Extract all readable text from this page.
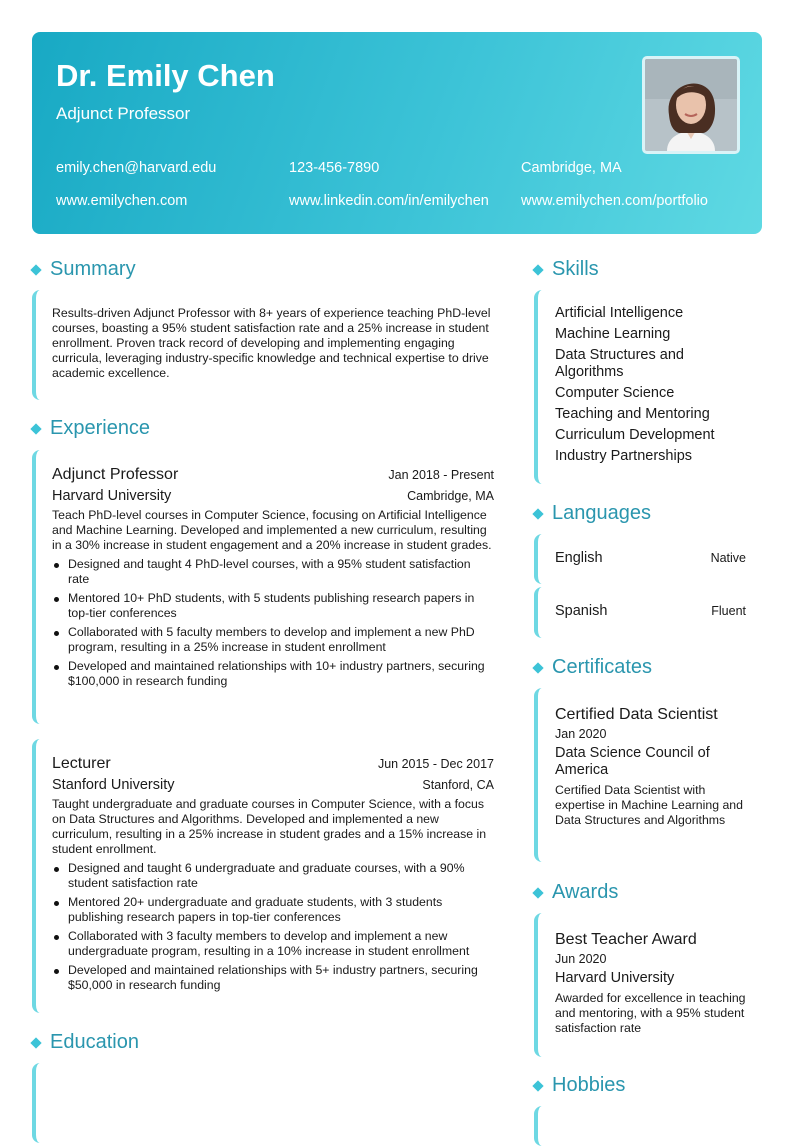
Dr. Emily Chen
Adjunct Professor
emily.chen@harvard.edu	123-456-7890	Cambridge, MA
www.emilychen.com	www.linkedin.com/in/emilychen www.emilychen.com/portfolio
Summary
Results-driven Adjunct Professor with 8+ years of experience teaching PhD-level courses, boasting a 95% student satisfaction rate and a 25% increase in student enrollment. Proven track record of developing and implementing engaging curricula, leveraging industry-specific knowledge and technical expertise to drive academic excellence.
Experience
Adjunct Professor	Jan 2018 - Present
Harvard University	Cambridge, MA
Teach PhD-level courses in Computer Science, focusing on Artificial Intelligence and Machine Learning. Developed and implemented a new curriculum, resulting in a 30% increase in student engagement and a 20% increase in student grades.
Designed and taught 4 PhD-level courses, with a 95% student satisfaction rate
Mentored 10+ PhD students, with 5 students publishing research papers in top-tier conferences
Collaborated with 5 faculty members to develop and implement a new PhD program, resulting in a 25% increase in student enrollment
Developed and maintained relationships with 10+ industry partners, securing $100,000 in research funding
Lecturer	Jun 2015 - Dec 2017
Stanford University	Stanford, CA
Taught undergraduate and graduate courses in Computer Science, with a focus on Data Structures and Algorithms. Developed and implemented a new curriculum, resulting in a 25% increase in student grades and a 15% increase in student enrollment.
Designed and taught 6 undergraduate and graduate courses, with a 90% student satisfaction rate
Mentored 20+ undergraduate and graduate students, with 3 students publishing research papers in top-tier conferences
Collaborated with 3 faculty members to develop and implement a new undergraduate program, resulting in a 10% increase in student enrollment
Developed and maintained relationships with 5+ industry partners, securing $50,000 in research funding
Education
Skills
Artificial Intelligence
Machine Learning
Data Structures and Algorithms
Computer Science
Teaching and Mentoring
Curriculum Development
Industry Partnerships
Languages
English	Native
Spanish	Fluent
Certificates
Certified Data Scientist
Jan 2020
Data Science Council of America
Certified Data Scientist with expertise in Machine Learning and Data Structures and Algorithms
Awards
Best Teacher Award
Jun 2020
Harvard University
Awarded for excellence in teaching and mentoring, with a 95% student satisfaction rate
Hobbies
